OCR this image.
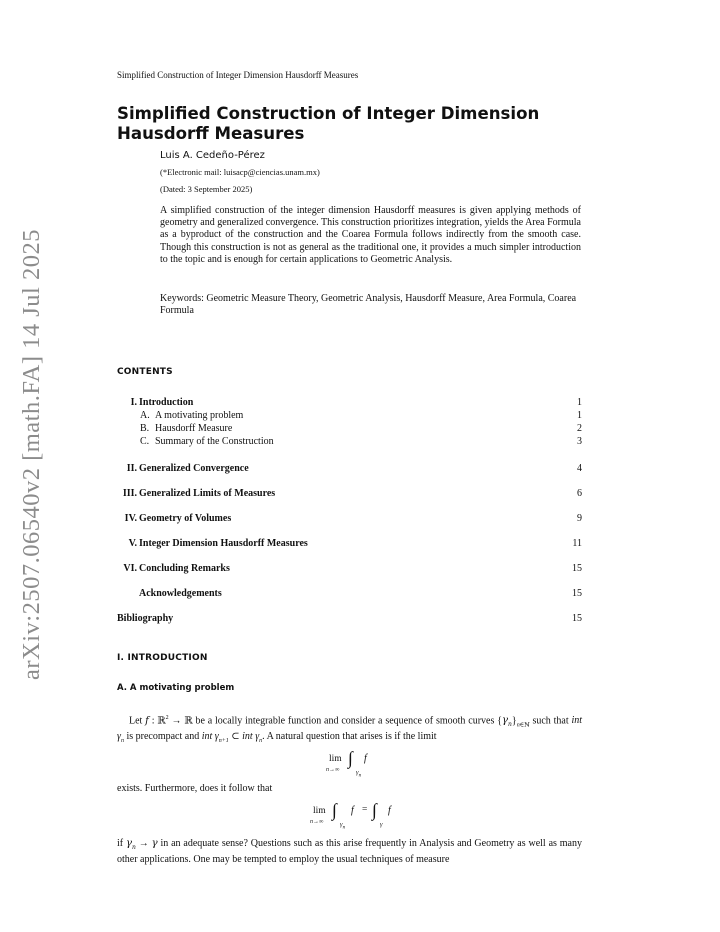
Simplified Construction of Integer Dimension Hausdorff Measures
Simplified Construction of Integer Dimension Hausdorff Measures
Luis A. Cedeño-Pérez
(*Electronic mail: luisacp@ciencias.unam.mx)
(Dated: 3 September 2025)
A simplified construction of the integer dimension Hausdorff measures is given applying methods of geometry and generalized convergence. This construction prioritizes integration, yields the Area Formula as a byproduct of the construction and the Coarea Formula follows indirectly from the smooth case. Though this construction is not as general as the traditional one, it provides a much simpler introduction to the topic and is enough for certain applications to Geometric Analysis.
Keywords: Geometric Measure Theory, Geometric Analysis, Hausdorff Measure, Area Formula, Coarea Formula
CONTENTS
I. Introduction	1
A. A motivating problem	1
B. Hausdorff Measure	2
C. Summary of the Construction	3
II. Generalized Convergence	4
III. Generalized Limits of Measures	6
IV. Geometry of Volumes	9
V. Integer Dimension Hausdorff Measures	11
VI. Concluding Remarks	15
Acknowledgements	15
Bibliography	15
I. INTRODUCTION
A. A motivating problem
Let f : ℝ$^2$ → ℝ be a locally integrable function and consider a sequence of smooth curves $\{\gamma_n\}_{n\in ℕ}$ such that int $\gamma_n$ is precompact and int $\gamma_{n+1}$ ⊂ int $\gamma_n$. A natural question that arises is if the limit
lim
n→∞
∫
$\gamma_n$
f
exists. Furthermore, does it follow that
lim
n→∞
∫
$\gamma_n$
f = ∫
γ
f
if $\gamma_n \to \gamma$ in an adequate sense? Questions such as this arise frequently in Analysis and Geometry as well as many other applications. One may be tempted to employ the usual techniques of measure
arXiv:2507.06540v2 [math.FA] 14 Jul 2025
